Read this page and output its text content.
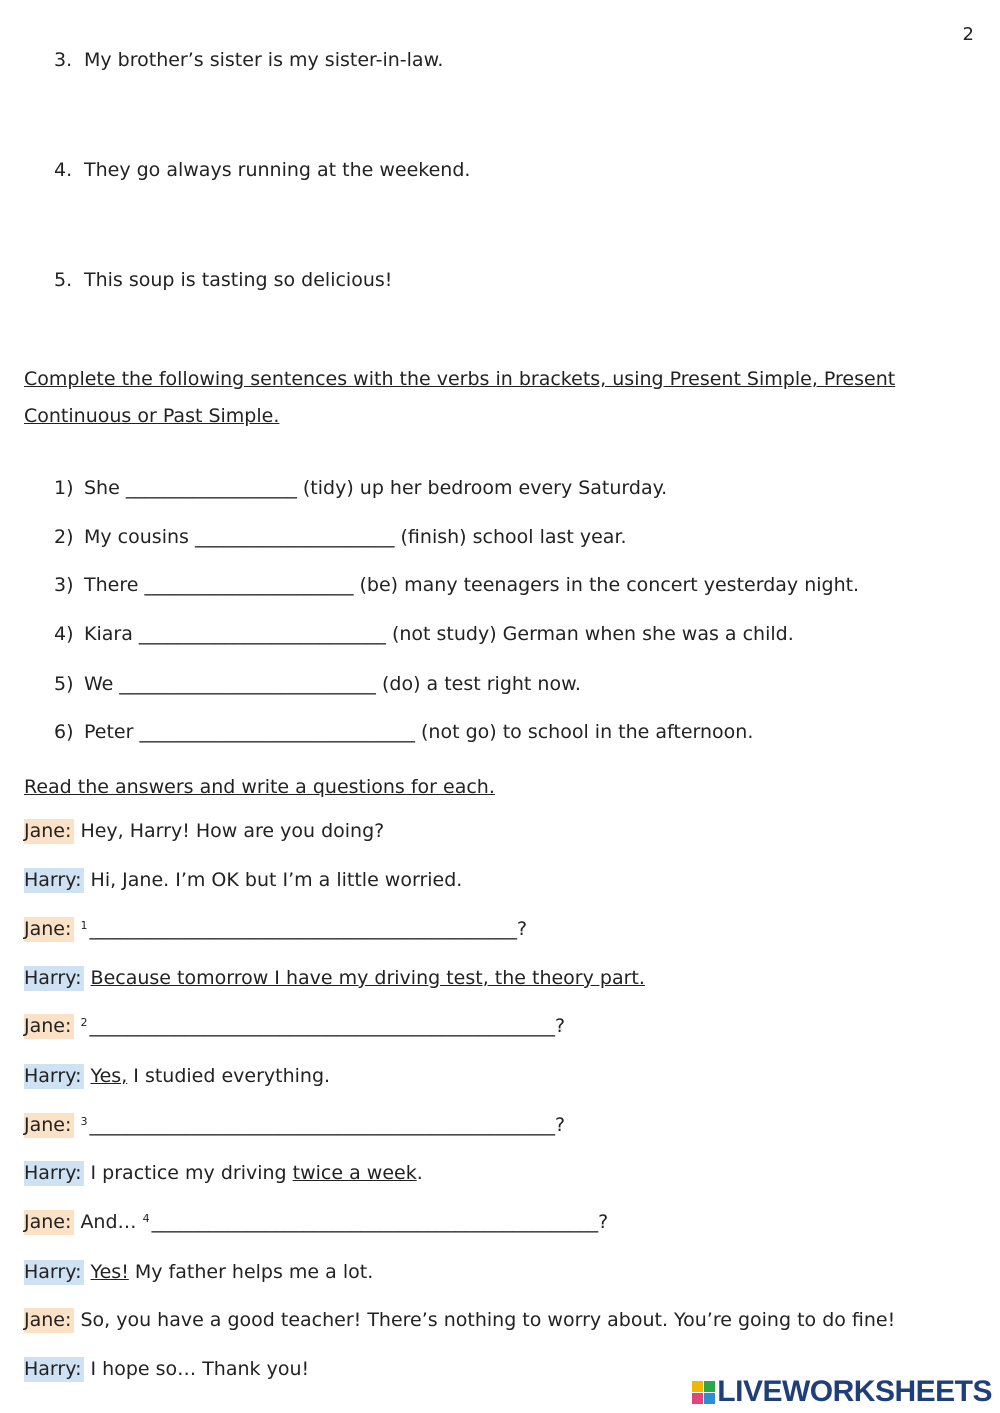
2
3. My brother’s sister is my sister-in-law.
4. They go always running at the weekend.
5. This soup is tasting so delicious!
Complete the following sentences with the verbs in brackets, using Present Simple, Present
Continuous or Past Simple.
1) She __________________ (tidy) up her bedroom every Saturday.
2) My cousins _____________________ (finish) school last year.
3) There ______________________ (be) many teenagers in the concert yesterday night.
4) Kiara __________________________ (not study) German when she was a child.
5) We ___________________________ (do) a test right now.
6) Peter _____________________________ (not go) to school in the afternoon.
Read the answers and write a questions for each.
Jane: Hey, Harry! How are you doing?
Harry: Hi, Jane. I’m OK but I’m a little worried.
Jane: $^1$ _____________________________________________?
Harry: Because tomorrow I have my driving test, the theory part.
Jane: $^2$ _________________________________________________?
Harry: Yes, I studied everything.
Jane: $^3$ _________________________________________________?
Harry: I practice my driving twice a week.
Jane: And… $^4$ _______________________________________________?
Harry: Yes! My father helps me a lot.
Jane: So, you have a good teacher! There’s nothing to worry about. You’re going to do fine!
Harry: I hope so… Thank you!
LIVEWORKSHEETS
